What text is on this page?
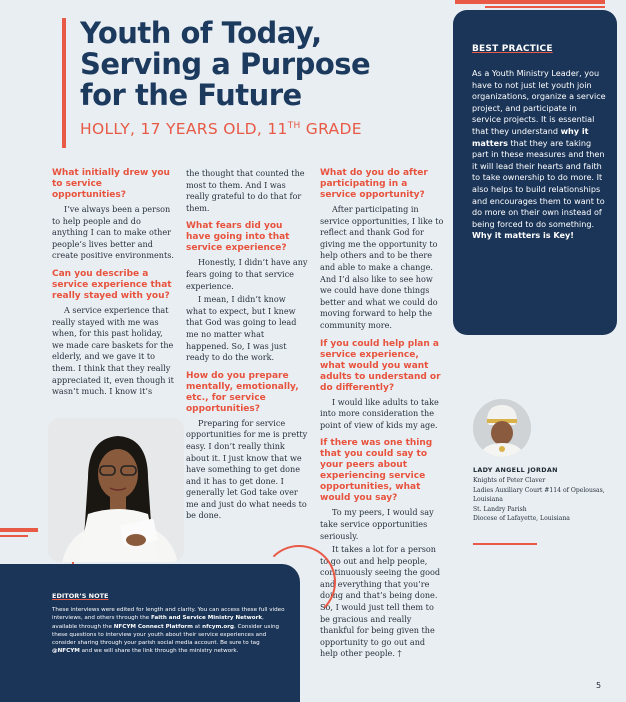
Youth of Today,
Serving a Purpose
for the Future
HOLLY, 17 YEARS OLD, 11TH GRADE

What initially drew you to service opportunities?

I’ve always been a person to help people and do anything I can to make other people’s lives better and create positive environments.

Can you describe a service experience that really stayed with you?

A service experience that really stayed with me was when, for this past holiday, we made care baskets for the elderly, and we gave it to them. I think that they really appreciated it, even though it wasn’t much. I know it’s

the thought that counted the most to them. And I was really grateful to do that for them.

What fears did you have going into that service experience?

Honestly, I didn’t have any fears going to that service experience.

I mean, I didn’t know what to expect, but I knew that God was going to lead me no matter what happened. So, I was just ready to do the work.

How do you prepare mentally, emotionally, etc., for service opportunities?

Preparing for service opportunities for me is pretty easy. I don’t really think about it. I just know that we have something to get done and it has to get done. I generally let God take over me and just do what needs to be done.

What do you do after participating in a service opportunity?

After participating in service opportunities, I like to reflect and thank God for giving me the opportunity to help others and to be there and able to make a change. And I’d also like to see how we could have done things better and what we could do moving forward to help the community more.

If you could help plan a service experience, what would you want adults to understand or do differently?

I would like adults to take into more consideration the point of view of kids my age.

If there was one thing that you could say to your peers about experiencing service opportunities, what would you say?

To my peers, I would say take service opportunities seriously.

It takes a lot for a person to go out and help people, continuously seeing the good and everything that you’re doing and that’s being done. So, I would just tell them to be gracious and really thankful for being given the opportunity to go out and help other people. †

BEST PRACTICE
As a Youth Ministry Leader, you have to not just let youth join organizations, organize a service project, and participate in service projects. It is essential that they understand why it matters that they are taking part in these measures and then it will lead their hearts and faith to take ownership to do more. It also helps to build relationships and encourages them to want to do more on their own instead of being forced to do something. Why it matters is Key!
LADY ANGELL JORDAN
Knights of Peter Claver
Ladies Auxiliary Court #114 of Opelousas, Louisiana
St. Landry Parish
Diocese of Lafayette, Louisiana
EDITOR’S NOTE
These interviews were edited for length and clarity. You can access these full video interviews, and others through the Faith and Service Ministry Network, available through the NFCYM Connect Platform at nfcym.org. Consider using these questions to interview your youth about their service experiences and consider sharing through your parish social media account. Be sure to tag @NFCYM and we will share the link through the ministry network.
5
